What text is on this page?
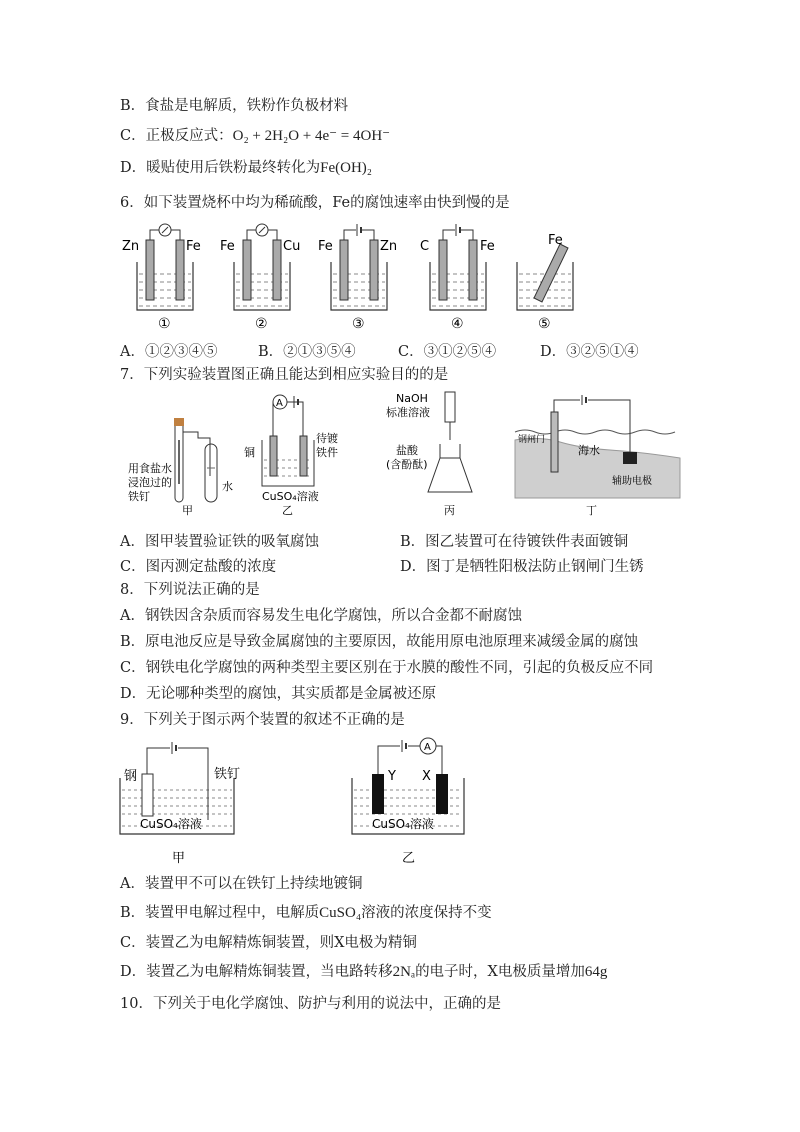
B．食盐是电解质，铁粉作负极材料
C．正极反应式：O₂ + 2H₂O + 4e⁻ = 4OH⁻
D．暖贴使用后铁粉最终转化为Fe(OH)₂
6．如下装置烧杯中均为稀硫酸，Fe的腐蚀速率由快到慢的是
Zn	Fe
①
Fe	Cu
②
Fe	Zn
③
C	Fe
④
Fe
⑤
A．①②③④⑤	B．②①③⑤④	C．③①②⑤④	D．③②⑤①④
7．下列实验装置图正确且能达到相应实验目的的是
用食盐水
浸泡过的
铁钉
水
甲
A
铜
待镀
铁件
CuSO₄溶液
乙
NaOH
标准溶液
盐酸
(含酚酞)
丙
钢闸门
海水
辅助电极
丁
A．图甲装置验证铁的吸氧腐蚀	B．图乙装置可在待镀铁件表面镀铜
C．图丙测定盐酸的浓度	D．图丁是牺牲阳极法防止钢闸门生锈
8．下列说法正确的是
A．钢铁因含杂质而容易发生电化学腐蚀，所以合金都不耐腐蚀
B．原电池反应是导致金属腐蚀的主要原因，故能用原电池原理来减缓金属的腐蚀
C．钢铁电化学腐蚀的两种类型主要区别在于水膜的酸性不同，引起的负极反应不同
D．无论哪种类型的腐蚀，其实质都是金属被还原
9．下列关于图示两个装置的叙述不正确的是
钢	铁钉
CuSO₄溶液
甲
A
Y X
CuSO₄溶液
乙
A．装置甲不可以在铁钉上持续地镀铜
B．装置甲电解过程中，电解质CuSO₄溶液的浓度保持不变
C．装置乙为电解精炼铜装置，则X电极为精铜
D．装置乙为电解精炼铜装置，当电路转移2Nₐ的电子时，X电极质量增加64g
10．下列关于电化学腐蚀、防护与利用的说法中，正确的是
